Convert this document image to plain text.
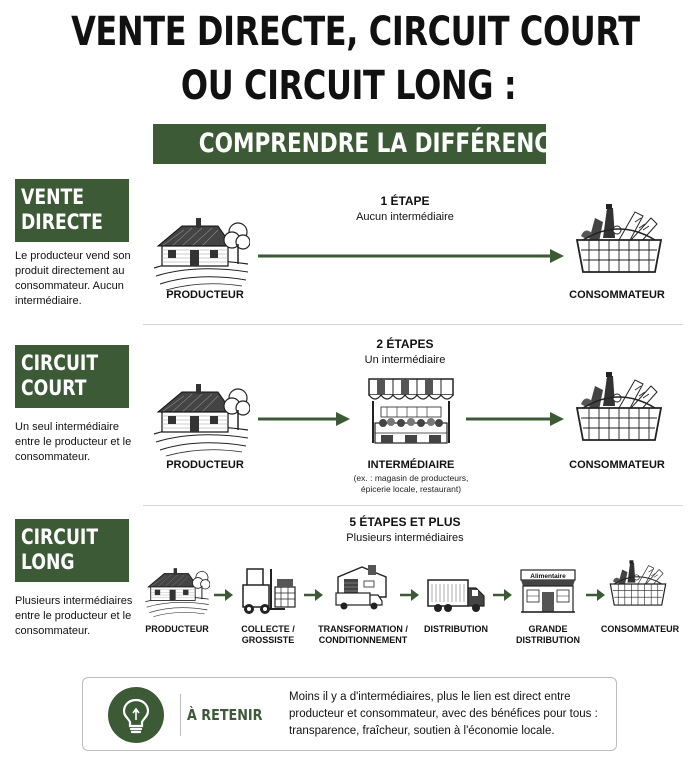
VENTE DIRECTE, CIRCUIT COURT
OU CIRCUIT LONG :
COMPRENDRE LA DIFFÉRENCE
VENTE
DIRECTE
Le producteur vend son produit directement au consommateur. Aucun intermédiaire.
1 ÉTAPE
Aucun intermédiaire
PRODUCTEUR	CONSOMMATEUR
CIRCUIT
COURT
Un seul intermédiaire entre le producteur et le consommateur.
2 ÉTAPES
Un intermédiaire
PRODUCTEUR	INTERMÉDIAIRE
(ex. : magasin de producteurs,
épicerie locale, restaurant)
CONSOMMATEUR
CIRCUIT
LONG
Plusieurs intermédiaires entre le producteur et le consommateur.
5 ÉTAPES ET PLUS
Plusieurs intermédiaires
Alimentaire
PRODUCTEUR	COLLECTE /
GROSSISTE
TRANSFORMATION /
CONDITIONNEMENT
DISTRIBUTION	GRANDE
DISTRIBUTION
CONSOMMATEUR
À RETENIR
Moins il y a d'intermédiaires, plus le lien est direct entre producteur et consommateur, avec des bénéfices pour tous : transparence, fraîcheur, soutien à l'économie locale.
